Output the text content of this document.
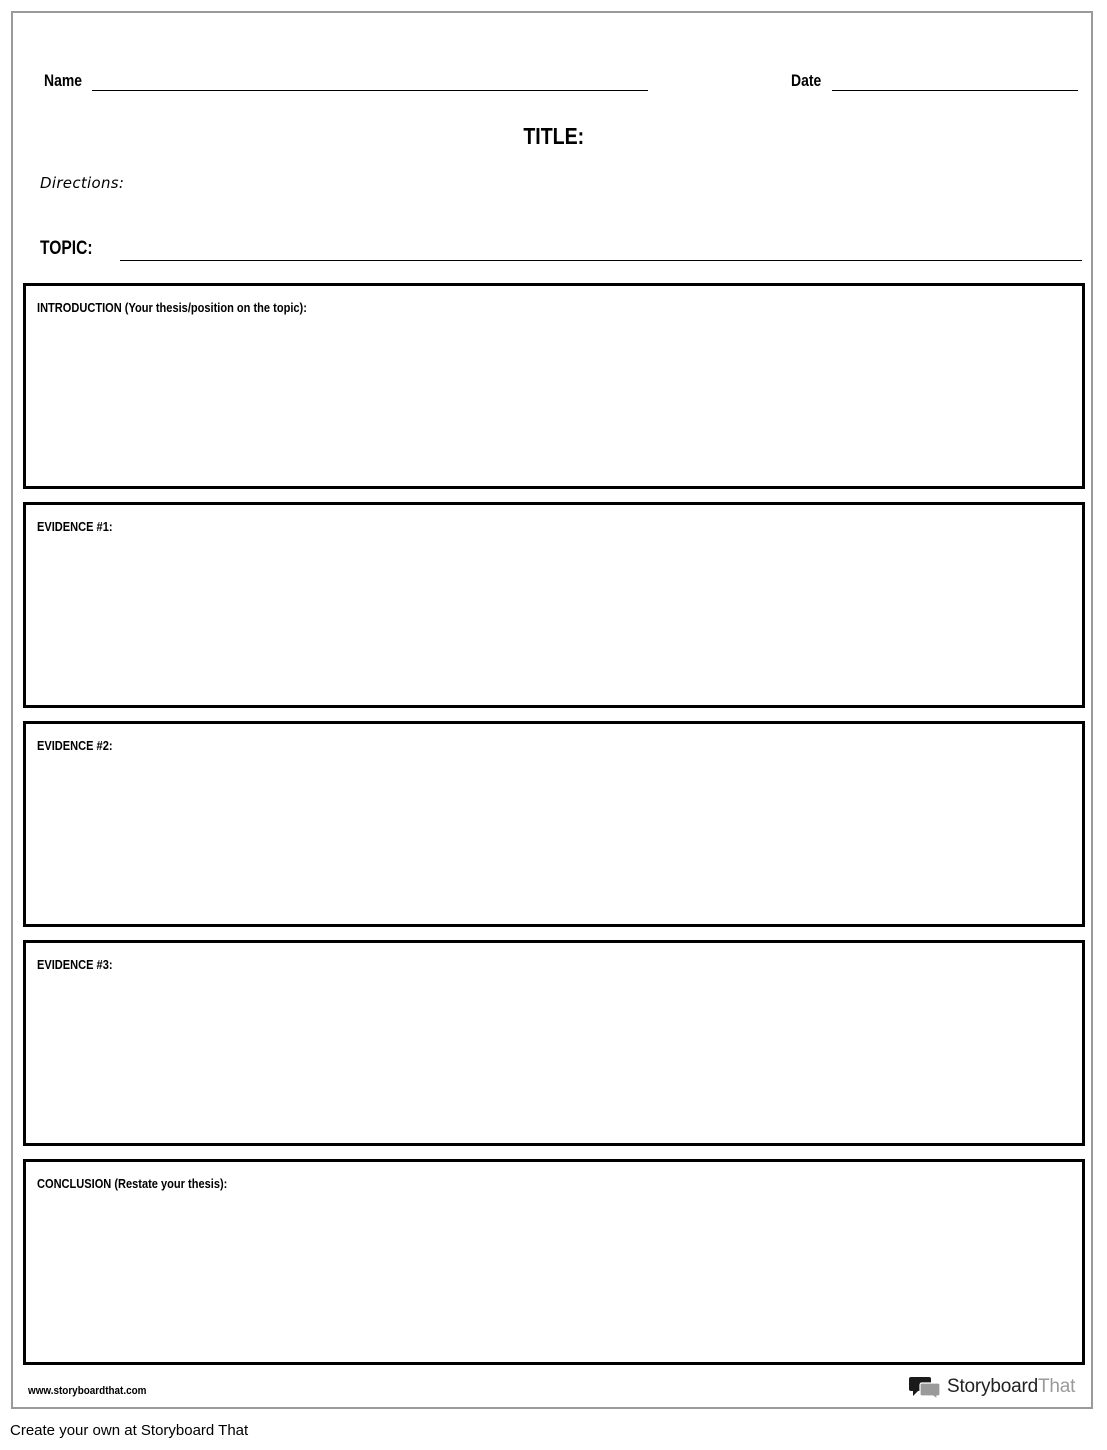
Name	Date
TITLE:
Directions:
TOPIC:
INTRODUCTION (Your thesis/position on the topic):
EVIDENCE #1:
EVIDENCE #2:
EVIDENCE #3:
CONCLUSION (Restate your thesis):
www.storyboardthat.com	StoryboardThat
Create your own at Storyboard That
